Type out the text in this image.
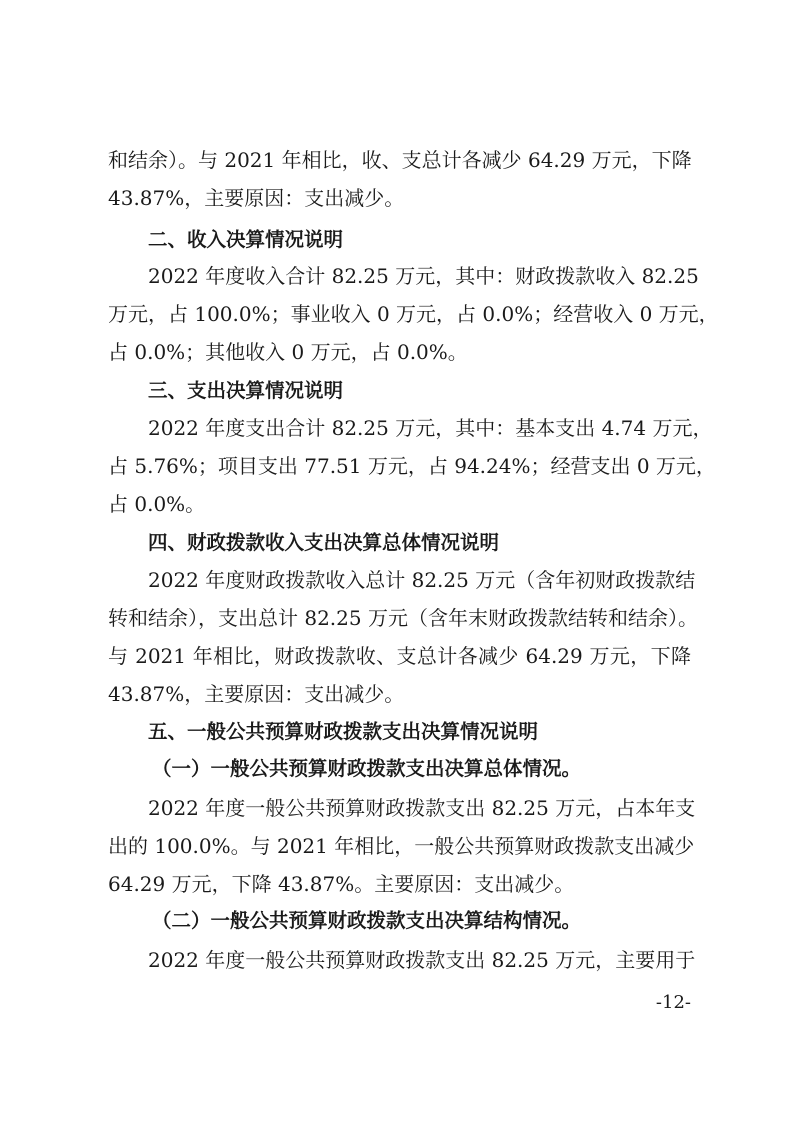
和结余）。与 2021 年相比，收、支总计各减少 64.29 万元，下降
43.87%，主要原因：支出减少。
二、收入决算情况说明
2022 年度收入合计 82.25 万元，其中：财政拨款收入 82.25
万元，占 100.0%；事业收入 0 万元，占 0.0%；经营收入 0 万元，
占 0.0%；其他收入 0 万元，占 0.0%。
三、支出决算情况说明
2022 年度支出合计 82.25 万元，其中：基本支出 4.74 万元，
占 5.76%；项目支出 77.51 万元，占 94.24%；经营支出 0 万元，
占 0.0%。
四、财政拨款收入支出决算总体情况说明
2022 年度财政拨款收入总计 82.25 万元（含年初财政拨款结
转和结余），支出总计 82.25 万元（含年末财政拨款结转和结余）。
与 2021 年相比，财政拨款收、支总计各减少 64.29 万元，下降
43.87%，主要原因：支出减少。
五、一般公共预算财政拨款支出决算情况说明
（一）一般公共预算财政拨款支出决算总体情况。
2022 年度一般公共预算财政拨款支出 82.25 万元，占本年支
出的 100.0%。与 2021 年相比，一般公共预算财政拨款支出减少
64.29 万元，下降 43.87%。主要原因：支出减少。
（二）一般公共预算财政拨款支出决算结构情况。
2022 年度一般公共预算财政拨款支出 82.25 万元，主要用于
-12-
